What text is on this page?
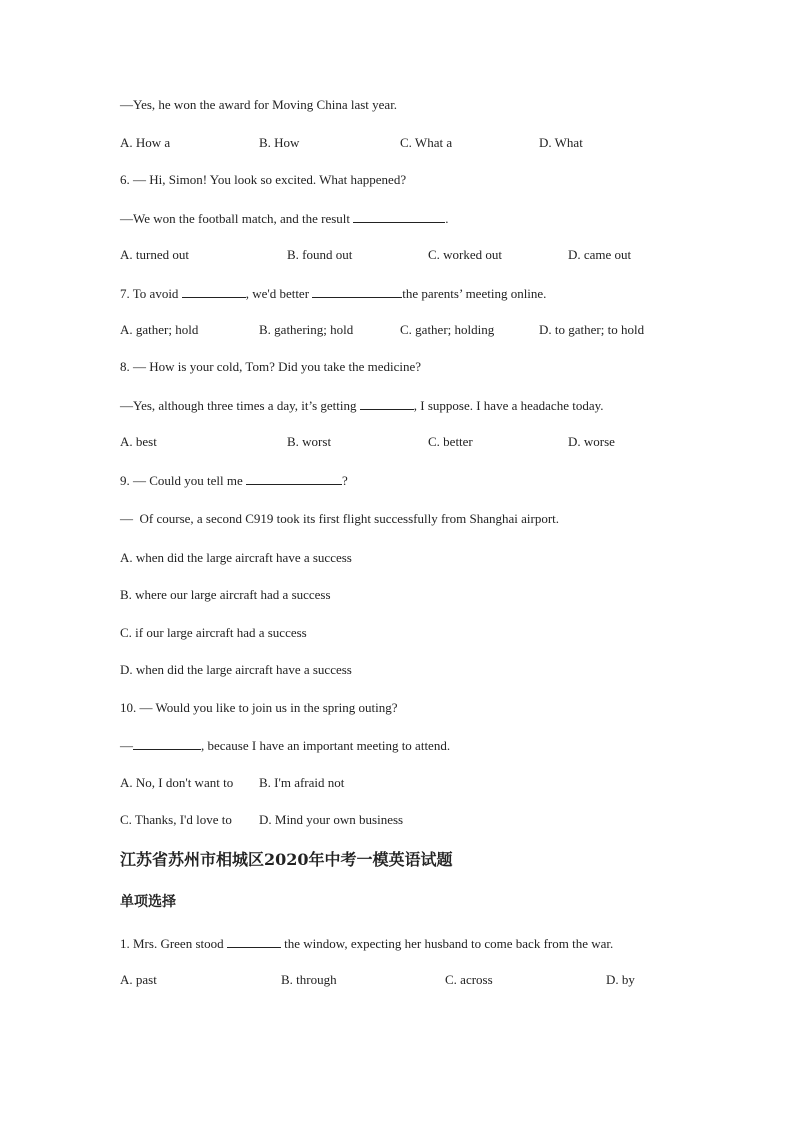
—Yes, he won the award for Moving China last year.
A. How a	B. How	C. What a	D. What
6. — Hi, Simon! You look so excited. What happened?
—We won the football match, and the result	.
A. turned out	B. found out	C. worked out	D. came out
7. To avoid	, we'd better	the parents’ meeting online.
A. gather; hold	B. gathering; hold	C. gather; holding	D. to gather; to hold
8. — How is your cold, Tom? Did you take the medicine?
—Yes, although three times a day, it’s getting	, I suppose. I have a headache today.
A. best	B. worst	C. better	D. worse
9. — Could you tell me	?
— Of course, a second C919 took its first flight successfully from Shanghai airport.
A. when did the large aircraft have a success
B. where our large aircraft had a success
C. if our large aircraft had a success
D. when did the large aircraft have a success
10. — Would you like to join us in the spring outing?
—	, because I have an important meeting to attend.
A. No, I don't want to B. I'm afraid not
C. Thanks, I'd love to D. Mind your own business
江苏省苏州市相城区2020年中考一模英语试题
单项选择
1. Mrs. Green stood	the window, expecting her husband to come back from the war.
A. past	B. through	C. across	D. by
